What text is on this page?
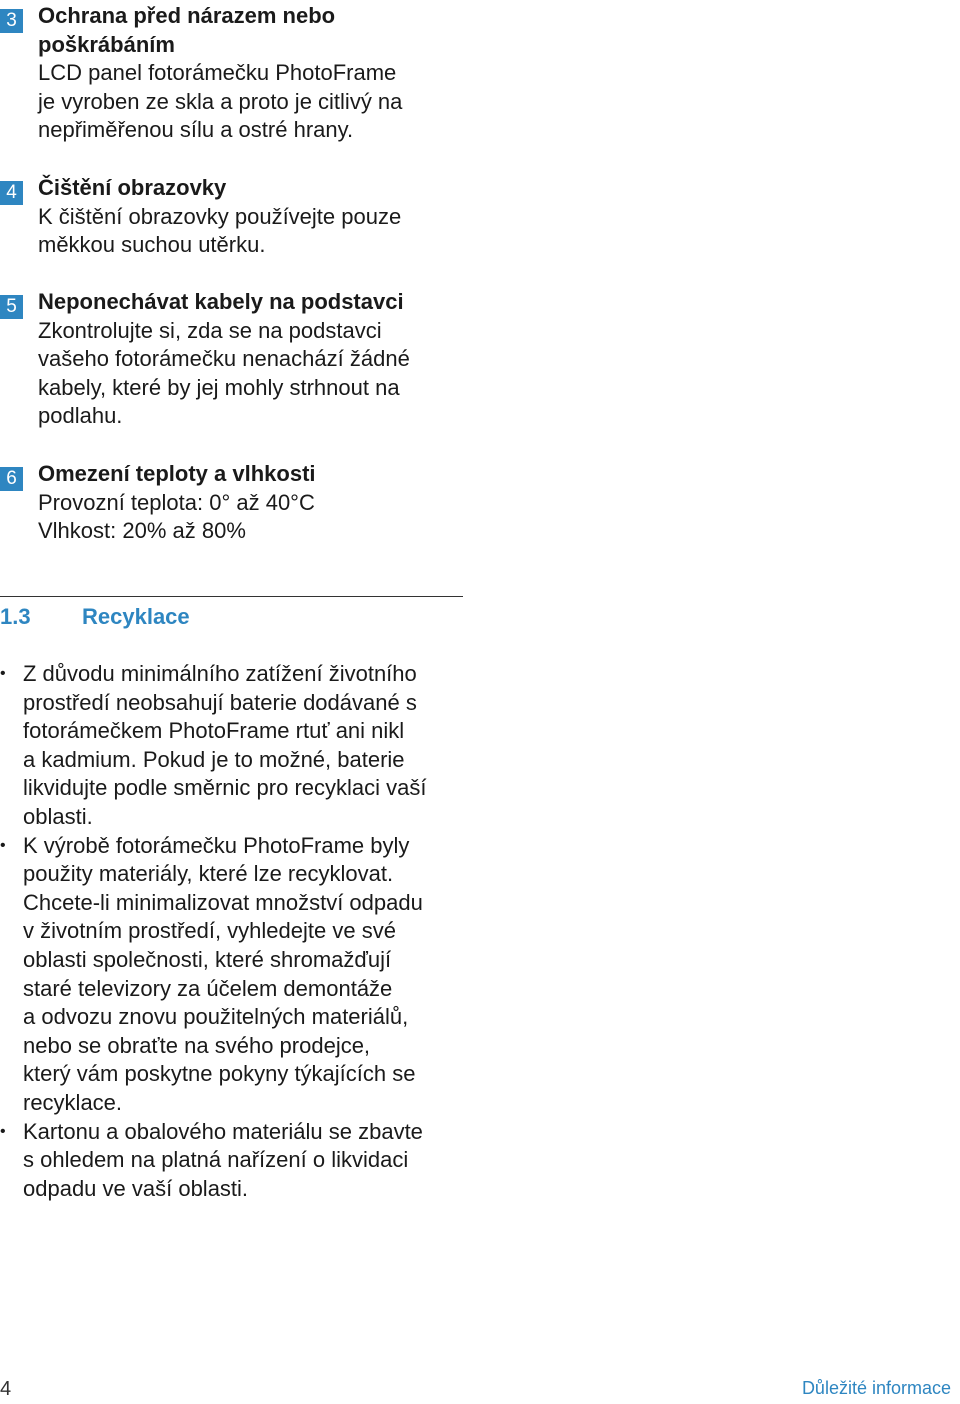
3 Ochrana před nárazem nebo
poškrábáním
LCD panel fotorámečku PhotoFrame
je vyroben ze skla a proto je citlivý na
nepřiměřenou sílu a ostré hrany.
4 Čištění obrazovky
K čištění obrazovky používejte pouze
měkkou suchou utěrku.
5 Neponechávat kabely na podstavci
Zkontrolujte si, zda se na podstavci
vašeho fotorámečku nenachází žádné
kabely, které by jej mohly strhnout na
podlahu.
6 Omezení teploty a vlhkosti
Provozní teplota: 0° až 40°C
Vlhkost: 20% až 80%
1.3 Recyklace
• Z důvodu minimálního zatížení životního
prostředí neobsahují baterie dodávané s
fotorámečkem PhotoFrame rtuť ani nikl
a kadmium. Pokud je to možné, baterie
likvidujte podle směrnic pro recyklaci vaší
oblasti.
• K výrobě fotorámečku PhotoFrame byly
použity materiály, které lze recyklovat.
Chcete-li minimalizovat množství odpadu
v životním prostředí, vyhledejte ve své
oblasti společnosti, které shromažďují
staré televizory za účelem demontáže
a odvozu znovu použitelných materiálů,
nebo se obraťte na svého prodejce,
který vám poskytne pokyny týkajících se
recyklace.
• Kartonu a obalového materiálu se zbavte
s ohledem na platná nařízení o likvidaci
odpadu ve vaší oblasti.
4	Důležité informace
